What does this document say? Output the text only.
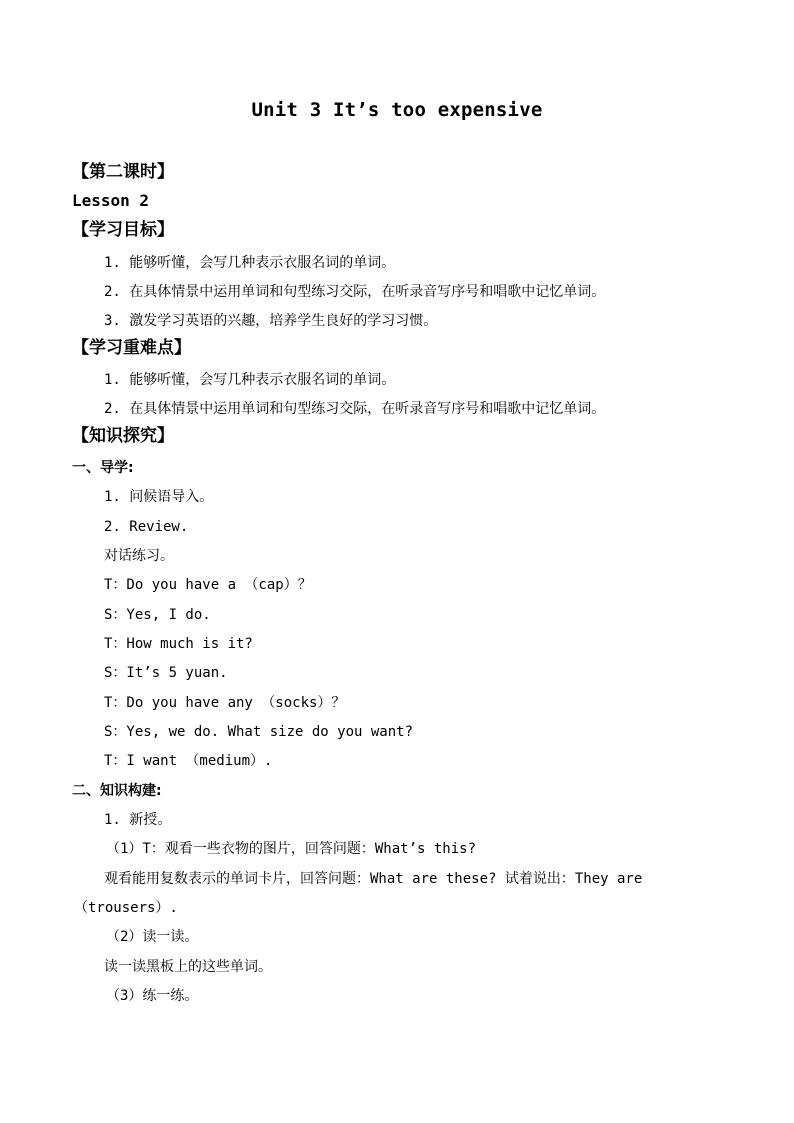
Unit 3 It’s too expensive
【第二课时】
Lesson 2
【学习目标】
1. 能够听懂，会写几种表示衣服名词的单词。
2. 在具体情景中运用单词和句型练习交际，在听录音写序号和唱歌中记忆单词。
3. 激发学习英语的兴趣，培养学生良好的学习习惯。
【学习重难点】
1. 能够听懂，会写几种表示衣服名词的单词。
2. 在具体情景中运用单词和句型练习交际，在听录音写序号和唱歌中记忆单词。
【知识探究】
一、导学:
1. 问候语导入。
2. Review.
对话练习。
T：Do you have a （cap）？
S：Yes, I do.
T：How much is it?
S：It’s 5 yuan.
T：Do you have any （socks）？
S：Yes, we do. What size do you want?
T：I want （medium）.
二、知识构建:
1. 新授。
（1）T：观看一些衣物的图片，回答问题：What’s this?
观看能用复数表示的单词卡片，回答问题：What are these? 试着说出：They are
（trousers）.
（2）读一读。
读一读黑板上的这些单词。
（3）练一练。
